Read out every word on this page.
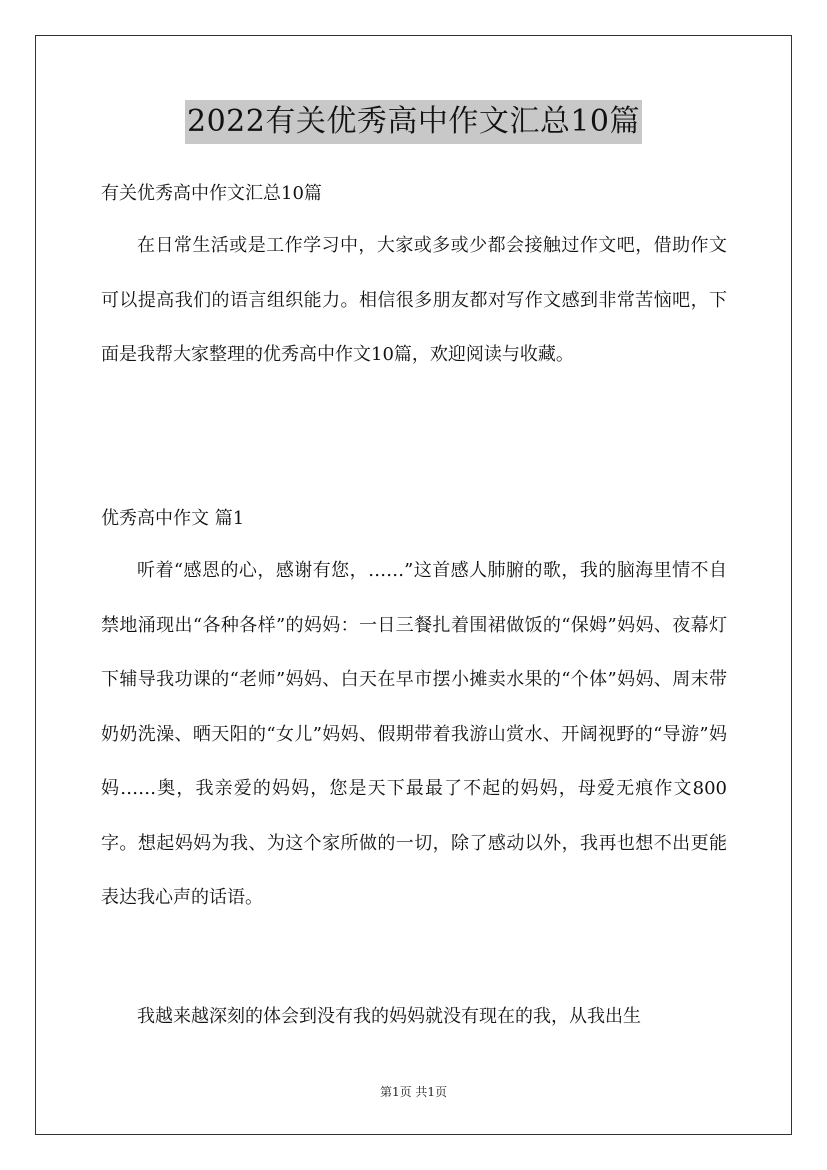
2022有关优秀高中作文汇总10篇
有关优秀高中作文汇总10篇

在日常生活或是工作学习中，大家或多或少都会接触过作文吧，借助作文可以提高我们的语言组织能力。相信很多朋友都对写作文感到非常苦恼吧，下面是我帮大家整理的优秀高中作文10篇，欢迎阅读与收藏。

优秀高中作文 篇1

听着“感恩的心，感谢有您，……”这首感人肺腑的歌，我的脑海里情不自禁地涌现出“各种各样”的妈妈：一日三餐扎着围裙做饭的“保姆”妈妈、夜幕灯下辅导我功课的“老师”妈妈、白天在早市摆小摊卖水果的“个体”妈妈、周末带奶奶洗澡、晒天阳的“女儿”妈妈、假期带着我游山赏水、开阔视野的“导游”妈妈……奥，我亲爱的妈妈，您是天下最最了不起的妈妈，母爱无痕作文800字。想起妈妈为我、为这个家所做的一切，除了感动以外，我再也想不出更能表达我心声的话语。

我越来越深刻的体会到没有我的妈妈就没有现在的我，从我出生

第1页 共1页
